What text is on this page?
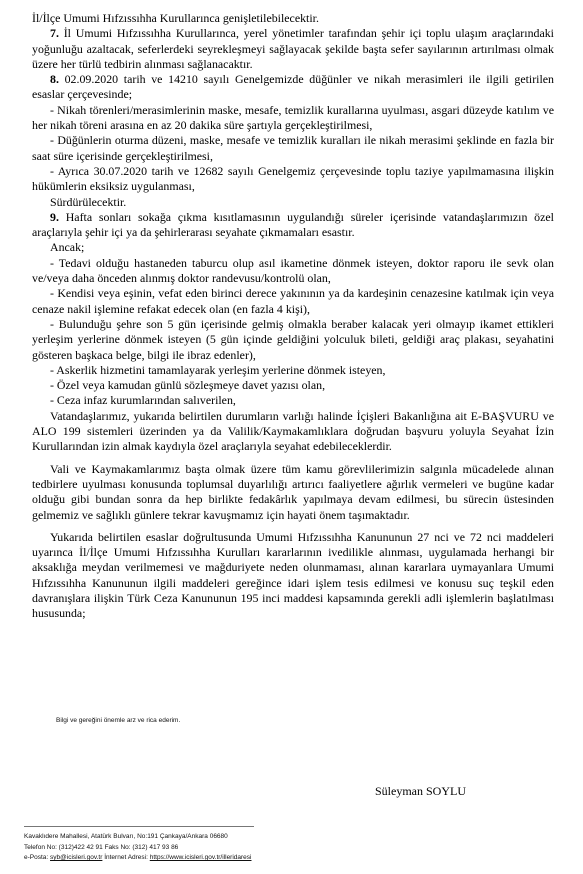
İl/İlçe Umumi Hıfzıssıhha Kurullarınca genişletilebilecektir.

7. İl Umumi Hıfzıssıhha Kurullarınca, yerel yönetimler tarafından şehir içi toplu ulaşım araçlarındaki yoğunluğu azaltacak, seferlerdeki seyrekleşmeyi sağlayacak şekilde başta sefer sayılarının artırılması olmak üzere her türlü tedbirin alınması sağlanacaktır.

8. 02.09.2020 tarih ve 14210 sayılı Genelgemizde düğünler ve nikah merasimleri ile ilgili getirilen esaslar çerçevesinde;

- Nikah törenleri/merasimlerinin maske, mesafe, temizlik kurallarına uyulması, asgari düzeyde katılım ve her nikah töreni arasına en az 20 dakika süre şartıyla gerçekleştirilmesi,

- Düğünlerin oturma düzeni, maske, mesafe ve temizlik kuralları ile nikah merasimi şeklinde en fazla bir saat süre içerisinde gerçekleştirilmesi,

- Ayrıca 30.07.2020 tarih ve 12682 sayılı Genelgemiz çerçevesinde toplu taziye yapılmamasına ilişkin hükümlerin eksiksiz uygulanması,

Sürdürülecektir.

9. Hafta sonları sokağa çıkma kısıtlamasının uygulandığı süreler içerisinde vatandaşlarımızın özel araçlarıyla şehir içi ya da şehirlerarası seyahate çıkmamaları esastır.

Ancak;

- Tedavi olduğu hastaneden taburcu olup asıl ikametine dönmek isteyen, doktor raporu ile sevk olan ve/veya daha önceden alınmış doktor randevusu/kontrolü olan,

- Kendisi veya eşinin, vefat eden birinci derece yakınının ya da kardeşinin cenazesine katılmak için veya cenaze nakil işlemine refakat edecek olan (en fazla 4 kişi),

- Bulunduğu şehre son 5 gün içerisinde gelmiş olmakla beraber kalacak yeri olmayıp ikamet ettikleri yerleşim yerlerine dönmek isteyen (5 gün içinde geldiğini yolculuk bileti, geldiği araç plakası, seyahatini gösteren başkaca belge, bilgi ile ibraz edenler),

- Askerlik hizmetini tamamlayarak yerleşim yerlerine dönmek isteyen,

- Özel veya kamudan günlü sözleşmeye davet yazısı olan,

- Ceza infaz kurumlarından salıverilen,

Vatandaşlarımız, yukarıda belirtilen durumların varlığı halinde İçişleri Bakanlığına ait E-BAŞVURU ve ALO 199 sistemleri üzerinden ya da Valilik/Kaymakamlıklara doğrudan başvuru yoluyla Seyahat İzin Kurullarından izin almak kaydıyla özel araçlarıyla seyahat edebileceklerdir.

Vali ve Kaymakamlarımız başta olmak üzere tüm kamu görevlilerimizin salgınla mücadelede alınan tedbirlere uyulması konusunda toplumsal duyarlılığı artırıcı faaliyetlere ağırlık vermeleri ve bugüne kadar olduğu gibi bundan sonra da hep birlikte fedakârlık yapılmaya devam edilmesi, bu sürecin üstesinden gelmemiz ve sağlıklı günlere tekrar kavuşmamız için hayati önem taşımaktadır.

Yukarıda belirtilen esaslar doğrultusunda Umumi Hıfzıssıhha Kanununun 27 nci ve 72 nci maddeleri uyarınca İl/İlçe Umumi Hıfzıssıhha Kurulları kararlarının ivedilikle alınması, uygulamada herhangi bir aksaklığa meydan verilmemesi ve mağduriyete neden olunmaması, alınan kararlara uymayanlara Umumi Hıfzıssıhha Kanununun ilgili maddeleri gereğince idari işlem tesis edilmesi ve konusu suç teşkil eden davranışlara ilişkin Türk Ceza Kanununun 195 inci maddesi kapsamında gerekli adli işlemlerin başlatılması hususunda;

Bilgi ve gereğini önemle arz ve rica ederim.
Süleyman SOYLU
Kavaklıdere Mahallesi, Atatürk Bulvarı, No:191 Çankaya/Ankara 06680
Telefon No: (312)422 42 91 Faks No: (312) 417 93 86
e-Posta: syb@icisleri.gov.tr İnternet Adresi: https://www.icisleri.gov.tr/illeridaresi
